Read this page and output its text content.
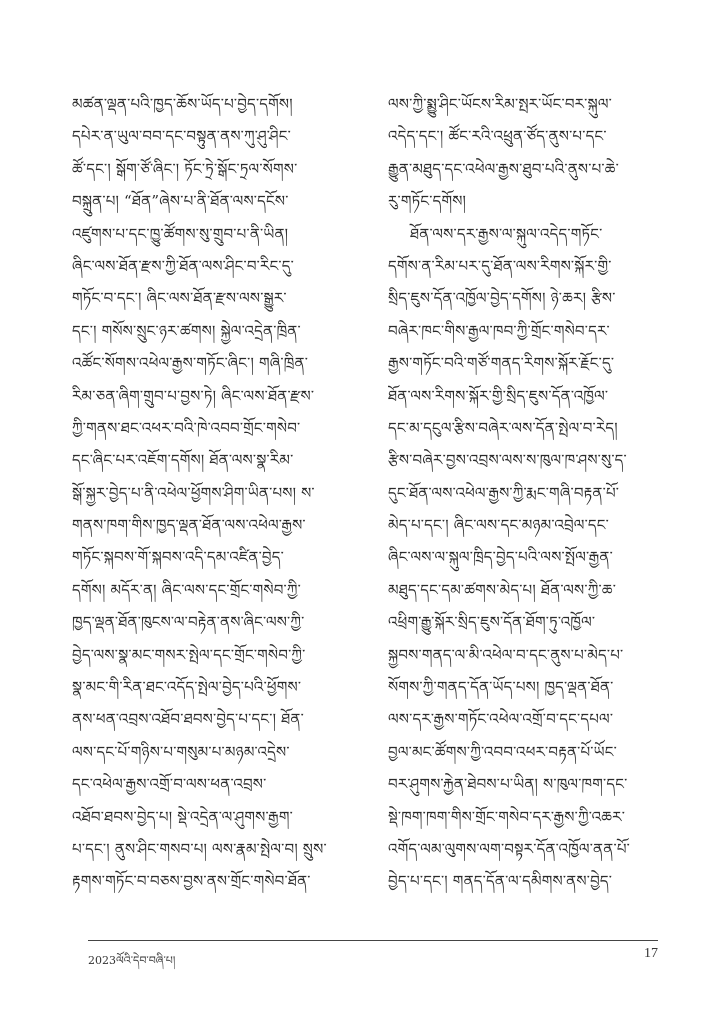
མཚན་ལྡན་པའི་ཁྱད་ཆོས་ཡོད་པ་བྱེད་དགོས།
དཔེར་ན་ཡུལ་བབ་དང་བསྟུན་ནས་ཀུ་ཤུ་ཤིང་
ཚོ་དང་། སྒོག་ཙོ་ཞིང་། ཏོང་ཏྲེ་སྒོང་ཏྲལ་སོགས་
བསྐྲུན་པ། “ཐོན”ཞེས་པ་ནི་ཐོན་ལས་དངོས་
འཛུགས་པ་དང་ཁྱུ་ཚོགས་སུ་གྲུབ་པ་ནི་ཡིན།
ཞིང་ལས་ཐོན་རྫས་ཀྱི་ཐོན་ལས་ཤིང་བ་རིང་དུ་
གཏོང་བ་དང་། ཞིང་ལས་ཐོན་རྫས་ལས་སྒྱུར་
དང་། གསོས་སྲུང་ཉར་ཚགས། སྐྱེལ་འདྲེན་ཁྲིན་
འཚོང་སོགས་འཕེལ་རྒྱས་གཏོང་ཞིང་། གཞི་ཁྲིན་
རིམ་ཅན་ཞིག་གྲུབ་པ་བྱས་ཏེ། ཞིང་ལས་ཐོན་རྫས་
ཀྱི་གནས་ཐང་འཕར་བའི་ཁེ་འབབ་གྲོང་གསེབ་
དང་ཞིང་པར་འཇོག་དགོས། ཐོན་ལས་སྣ་རིམ་
སྒོ་སྐྱར་བྱེད་པ་ནི་འཕེལ་ཕྱོགས་ཤིག་ཡིན་པས། ས་
གནས་ཁག་གིས་ཁྱད་ལྡན་ཐོན་ལས་འཕེལ་རྒྱས་
གཏོང་སྐབས་གོ་སྐབས་འདི་དམ་འཛིན་བྱེད་
དགོས། མདོར་ན། ཞིང་ལས་དང་གྲོང་གསེབ་ཀྱི་
ཁྱད་ལྡན་ཐོན་ཁུངས་ལ་བརྟེན་ནས་ཞིང་ལས་ཀྱི་
བྱེད་ལས་སྣ་མང་གསར་སྤེལ་དང་གྲོང་གསེབ་ཀྱི་
སྣ་མང་གི་རིན་ཐང་འདོད་སྤེལ་བྱེད་པའི་ཕྱོགས་
ནས་ཕན་འབྲས་འཐོབ་ཐབས་བྱེད་པ་དང་། ཐོན་
ལས་དང་པོ་གཉིས་པ་གསུམ་པ་མཉམ་འདྲེས་
དང་འཕེལ་རྒྱས་འགྲོ་བ་ལས་ཕན་འབྲས་
འཐོབ་ཐབས་བྱེད་པ། སྡེ་འདྲེན་ལ་ཤུགས་རྒྱག་
པ་དང་། ནུས་ཤིང་གསབ་པ། ལས་རྣམ་སྤེལ་བ། སྲུས་
རྟགས་གཏོང་བ་བཅས་བྱས་ནས་གྲོང་གསེབ་ཐོན་
ལས་ཀྱི་སྨྱུ་ཤིང་ཡོངས་རིམ་སྤར་ཡོང་བར་སྐུལ་
འདེད་དང་། ཚོང་རའི་འཕྲུན་ཙོད་ནུས་པ་དང་
རྒྱུན་མཐུད་དང་འཕེལ་རྒྱས་ཐུབ་པའི་ནུས་པ་ཆེ་
རུ་གཏོང་དགོས།
ཐོན་ལས་དར་རྒྱས་ལ་སྐུལ་འདེད་གཏོང་
དགོས་ན་རིམ་པར་དུ་ཐོན་ལས་རིགས་སྐོར་གྱི་
སྲིད་ཇུས་དོན་འཁྱོལ་བྱེད་དགོས། ཉེ་ཆར། རྩིས་
བཞེར་ཁང་གིས་རྒྱལ་ཁབ་ཀྱི་གྲོང་གསེབ་དར་
རྒྱས་གཏོང་བའི་གཙོ་གནད་རིགས་སྐོར་རྗོང་དུ་
ཐོན་ལས་རིགས་སྐོར་གྱི་སྲིད་ཇུས་དོན་འཁྱོལ་
དང་མ་དངུལ་རྩིས་བཞེར་ལས་དོན་སྤེལ་བ་རེད།
རྩིས་བཞེར་བྱས་འབྲས་ལས་ས་ཁུལ་ཁ་ཤས་སུ་ད་
དུང་ཐོན་ལས་འཕེལ་རྒྱས་ཀྱི་རྨང་གཞི་བརྟན་པོ་
མེད་པ་དང་། ཞིང་ལས་དང་མཉམ་འབྲེལ་དང་
ཞིང་ལས་ལ་སྐུལ་ཁྲིད་བྱེད་པའི་ལས་སྤོལ་རྒྱན་
མཐུད་དང་དམ་ཚགས་མེད་པ། ཐོན་ལས་ཀྱི་ཆ་
འཕྲིག་རྒྱུ་སྐོར་སྲིད་ཇུས་དོན་ཐོག་ཏུ་འཁྱོལ་
སྐྱབས་གནད་ལ་མི་འཕེལ་བ་དང་ནུས་པ་མེད་པ་
སོགས་ཀྱི་གནད་དོན་ཡོད་པས། ཁྱད་ལྡན་ཐོན་
ལས་དར་རྒྱས་གཏོང་འཕེལ་འགྲོ་བ་དང་དཔལ་
བྱལ་མང་ཚོགས་ཀྱི་འབབ་འཕར་བརྟན་པོ་ཡོང་
བར་ཤུགས་རྐྱེན་ཐེབས་པ་ཡིན། ས་ཁུལ་ཁག་དང་
སྡེ་ཁག་ཁག་གིས་གྲོང་གསེབ་དར་རྒྱས་ཀྱི་འཆར་
འགོད་ལམ་ལུགས་ལག་བསྟར་དོན་འཁྱོལ་ནན་པོ་
བྱེད་པ་དང་། གནད་དོན་ལ་དམིགས་ནས་བྱེད་
2023ལོའི་དེབ་བཞི་པ།	17
